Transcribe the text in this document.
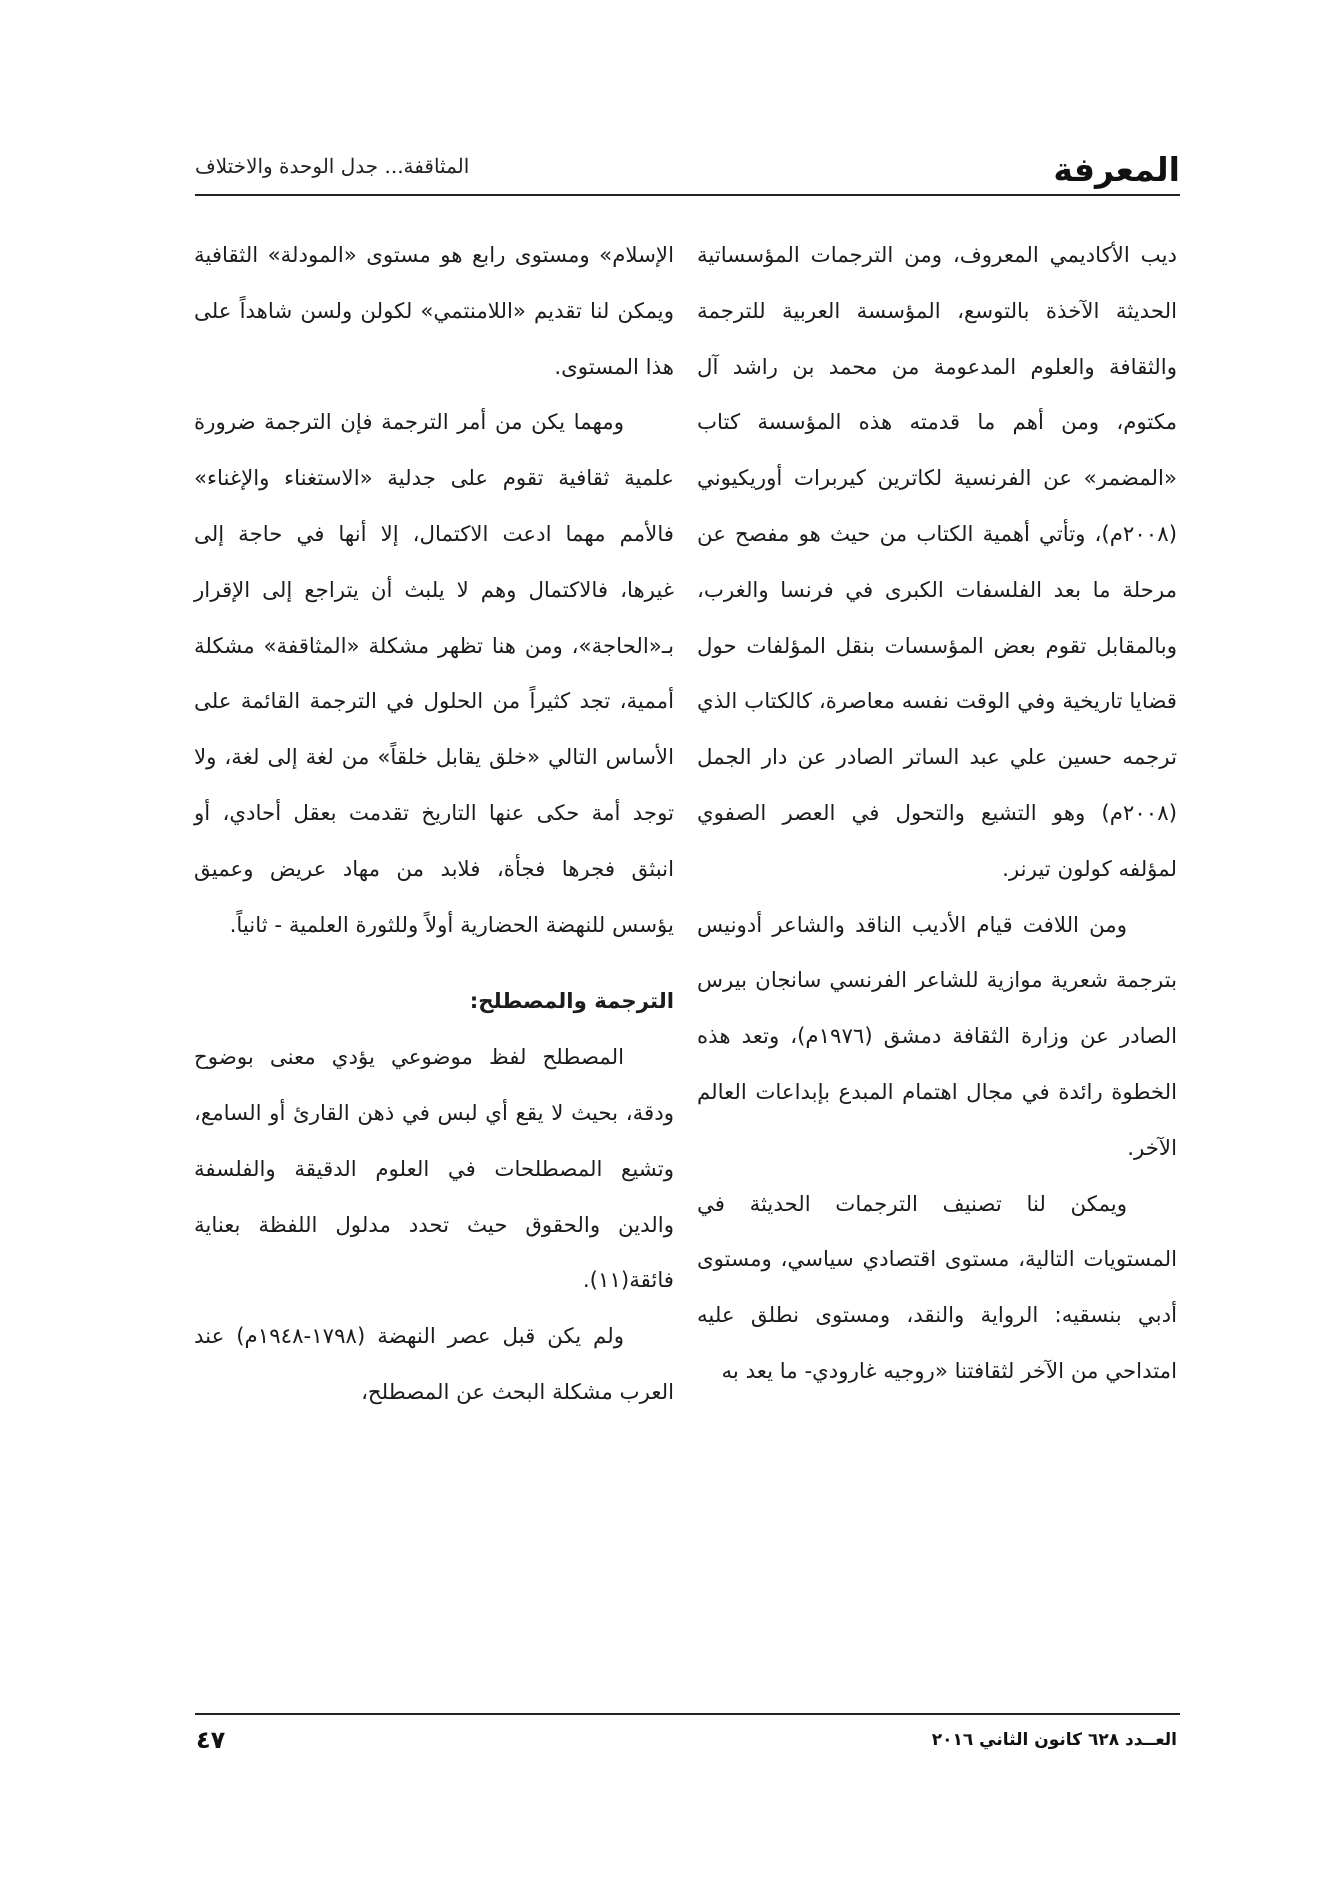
المعرفة
المثاقفة... جدل الوحدة والاختلاف

ديب الأكاديمي المعروف، ومن الترجمات المؤسساتية الحديثة الآخذة بالتوسع، المؤسسة العربية للترجمة والثقافة والعلوم المدعومة من محمد بن راشد آل مكتوم، ومن أهم ما قدمته هذه المؤسسة كتاب «المضمر» عن الفرنسية لكاترين كيربرات أوريكيوني (٢٠٠٨م)، وتأتي أهمية الكتاب من حيث هو مفصح عن مرحلة ما بعد الفلسفات الكبرى في فرنسا والغرب، وبالمقابل تقوم بعض المؤسسات بنقل المؤلفات حول قضايا تاريخية وفي الوقت نفسه معاصرة، كالكتاب الذي ترجمه حسين علي عبد الساتر الصادر عن دار الجمل (٢٠٠٨م) وهو التشيع والتحول في العصر الصفوي لمؤلفه كولون تيرنر.

ومن اللافت قيام الأديب الناقد والشاعر أدونيس بترجمة شعرية موازية للشاعر الفرنسي سانجان بيرس الصادر عن وزارة الثقافة دمشق (١٩٧٦م)، وتعد هذه الخطوة رائدة في مجال اهتمام المبدع بإبداعات العالم الآخر.

ويمكن لنا تصنيف الترجمات الحديثة في المستويات التالية، مستوى اقتصادي سياسي، ومستوى أدبي بنسقيه: الرواية والنقد، ومستوى نطلق عليه امتداحي من الآخر لثقافتنا «روجيه غارودي- ما يعد به

الإسلام» ومستوى رابع هو مستوى «المودلة» الثقافية ويمكن لنا تقديم «اللامنتمي» لكولن ولسن شاهداً على هذا المستوى.

ومهما يكن من أمر الترجمة فإن الترجمة ضرورة علمية ثقافية تقوم على جدلية «الاستغناء والإغناء» فالأمم مهما ادعت الاكتمال، إلا أنها في حاجة إلى غيرها، فالاكتمال وهم لا يلبث أن يتراجع إلى الإقرار بـ«الحاجة»، ومن هنا تظهر مشكلة «المثاقفة» مشكلة أممية، تجد كثيراً من الحلول في الترجمة القائمة على الأساس التالي «خلق يقابل خلقاً» من لغة إلى لغة، ولا توجد أمة حكى عنها التاريخ تقدمت بعقل أحادي، أو انبثق فجرها فجأة، فلابد من مهاد عريض وعميق يؤسس للنهضة الحضارية أولاً وللثورة العلمية - ثانياً.

الترجمة والمصطلح:

المصطلح لفظ موضوعي يؤدي معنى بوضوح ودقة، بحيث لا يقع أي لبس في ذهن القارئ أو السامع، وتشيع المصطلحات في العلوم الدقيقة والفلسفة والدين والحقوق حيث تحدد مدلول اللفظة بعناية فائقة(١١).

ولم يكن قبل عصر النهضة (١٧٩٨-١٩٤٨م) عند العرب مشكلة البحث عن المصطلح،

٤٧	العــدد ٦٢٨ كانون الثاني ٢٠١٦
